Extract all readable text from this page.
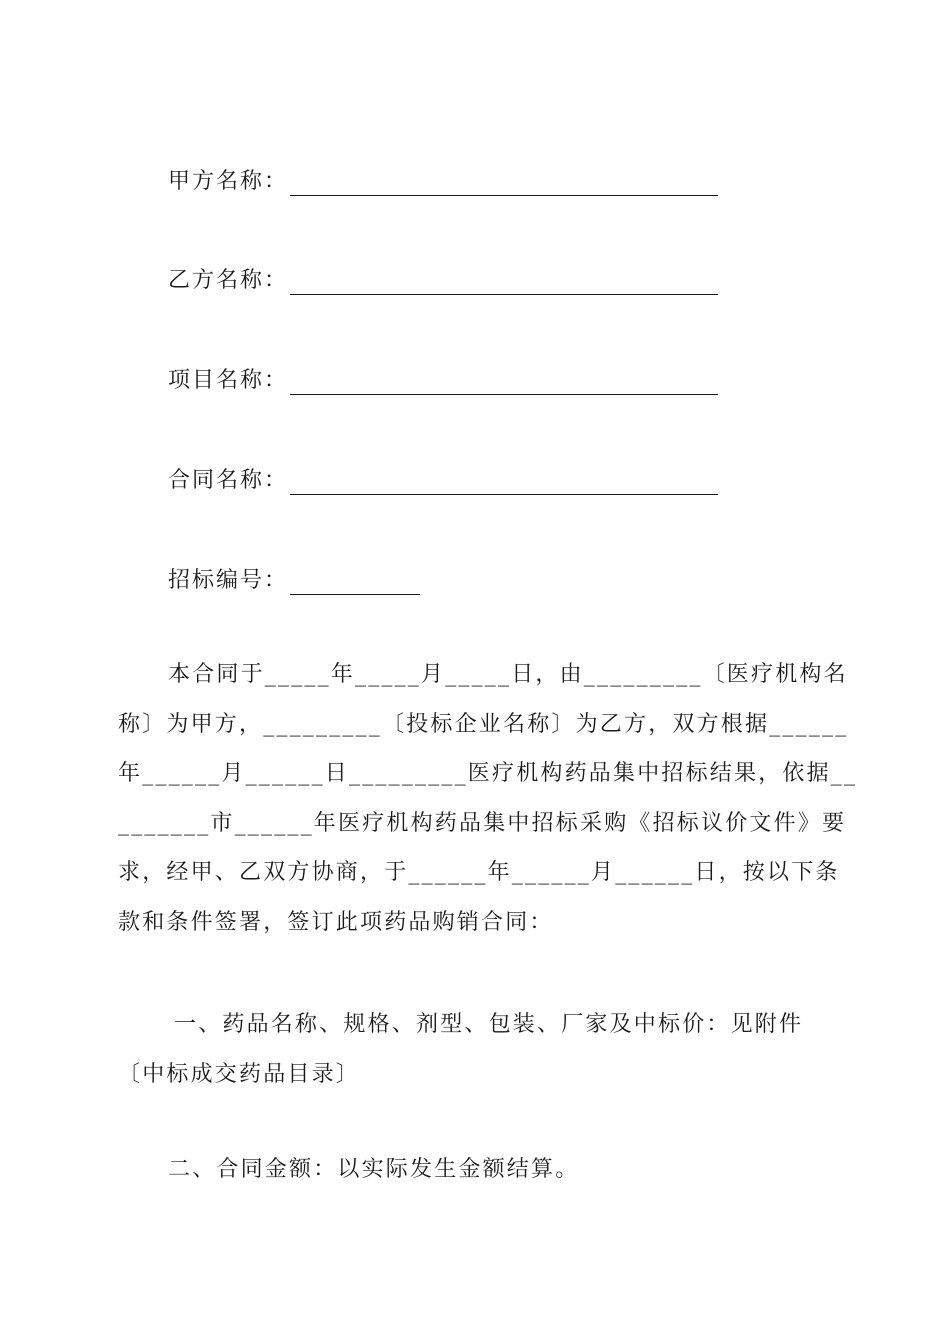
甲方名称：
乙方名称：
项目名称：
合同名称：
招标编号：
本合同于_____年_____月_____日，由_________〔医疗机构名
称〕为甲方，_________〔投标企业名称〕为乙方，双方根据______
年______月______日_________医疗机构药品集中招标结果，依据__
_______市______年医疗机构药品集中招标采购《招标议价文件》要
求，经甲、乙双方协商，于______年______月______日，按以下条
款和条件签署，签订此项药品购销合同：
一、药品名称、规格、剂型、包装、厂家及中标价：见附件
〔中标成交药品目录〕
二、合同金额：以实际发生金额结算。
